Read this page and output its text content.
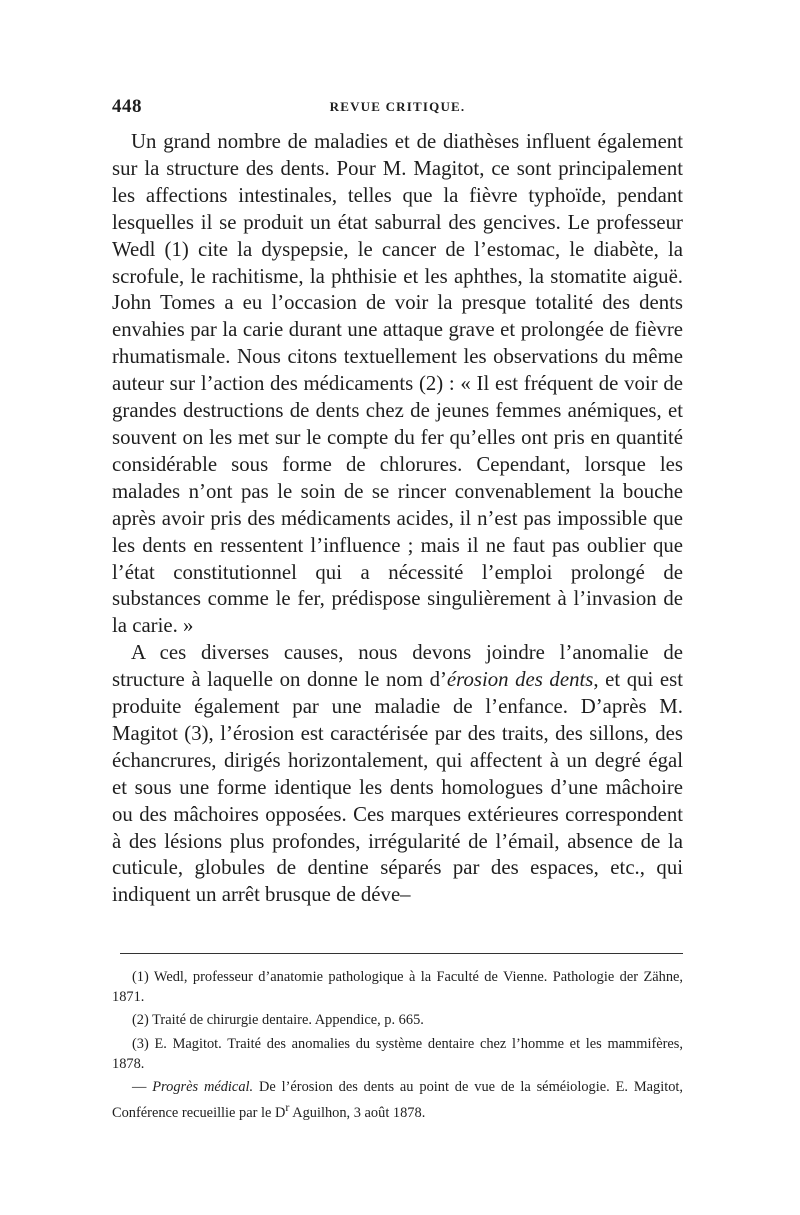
448	REVUE CRITIQUE.

Un grand nombre de maladies et de diathèses influent également sur la structure des dents. Pour M. Magitot, ce sont principalement les affections intestinales, telles que la fièvre typhoïde, pendant lesquelles il se produit un état saburral des gencives. Le professeur Wedl (1) cite la dyspepsie, le cancer de l’estomac, le diabète, la scrofule, le rachitisme, la phthisie et les aphthes, la stomatite aiguë. John Tomes a eu l’occasion de voir la presque totalité des dents envahies par la carie durant une attaque grave et prolongée de fièvre rhumatismale. Nous citons textuellement les observations du même auteur sur l’action des médicaments (2) : « Il est fréquent de voir de grandes destructions de dents chez de jeunes femmes anémiques, et souvent on les met sur le compte du fer qu’elles ont pris en quantité considérable sous forme de chlorures. Cependant, lorsque les malades n’ont pas le soin de se rincer convenablement la bouche après avoir pris des médicaments acides, il n’est pas impossible que les dents en ressentent l’influence ; mais il ne faut pas oublier que l’état constitutionnel qui a nécessité l’emploi prolongé de substances comme le fer, prédispose singulièrement à l’invasion de la carie. »

A ces diverses causes, nous devons joindre l’anomalie de structure à laquelle on donne le nom d’érosion des dents, et qui est produite également par une maladie de l’enfance. D’après M. Magitot (3), l’érosion est caractérisée par des traits, des sillons, des échancrures, dirigés horizontalement, qui affectent à un degré égal et sous une forme identique les dents homologues d’une mâchoire ou des mâchoires opposées. Ces marques extérieures correspondent à des lésions plus profondes, irrégularité de l’émail, absence de la cuticule, globules de dentine séparés par des espaces, etc., qui indiquent un arrêt brusque de déve–

(1) Wedl, professeur d’anatomie pathologique à la Faculté de Vienne. Pathologie der Zähne, 1871.

(2) Traité de chirurgie dentaire. Appendice, p. 665.

(3) E. Magitot. Traité des anomalies du système dentaire chez l’homme et les mammifères, 1878.

— Progrès médical. De l’érosion des dents au point de vue de la séméiologie. E. Magitot, Conférence recueillie par le $D^r$ Aguilhon, 3 août 1878.
